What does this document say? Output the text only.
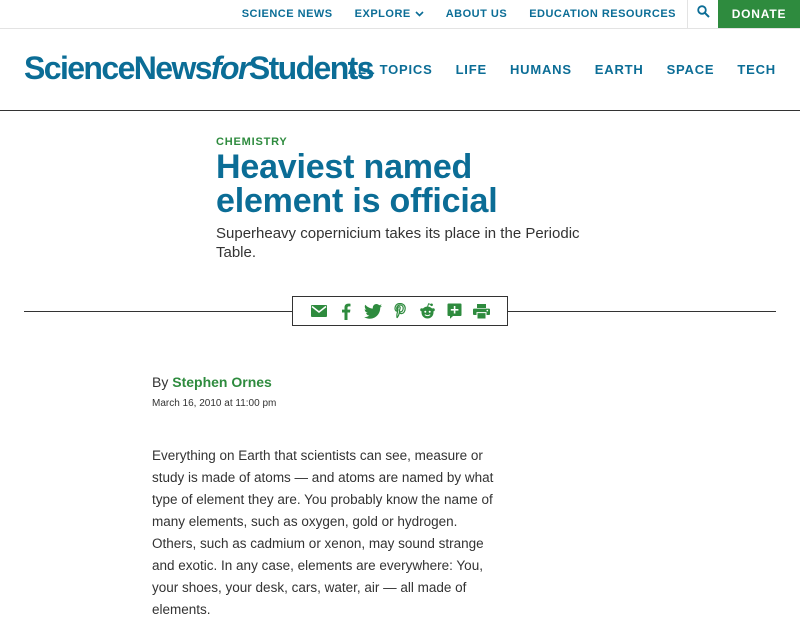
SCIENCE NEWS	EXPLORE	ABOUT US	EDUCATION RESOURCES	DONATE
ScienceNewsforStudents
ALL TOPICS	LIFE	HUMANS	EARTH	SPACE	TECH
CHEMISTRY
Heaviest named element is official
Superheavy copernicium takes its place in the Periodic Table.
By Stephen Ornes
March 16, 2010 at 11:00 pm

Everything on Earth that scientists can see, measure or study is made of atoms — and atoms are named by what type of element they are. You probably know the name of many elements, such as oxygen, gold or hydrogen. Others, such as cadmium or xenon, may sound strange and exotic. In any case, elements are everywhere: You, your shoes, your desk, cars, water, air — all made of elements.
